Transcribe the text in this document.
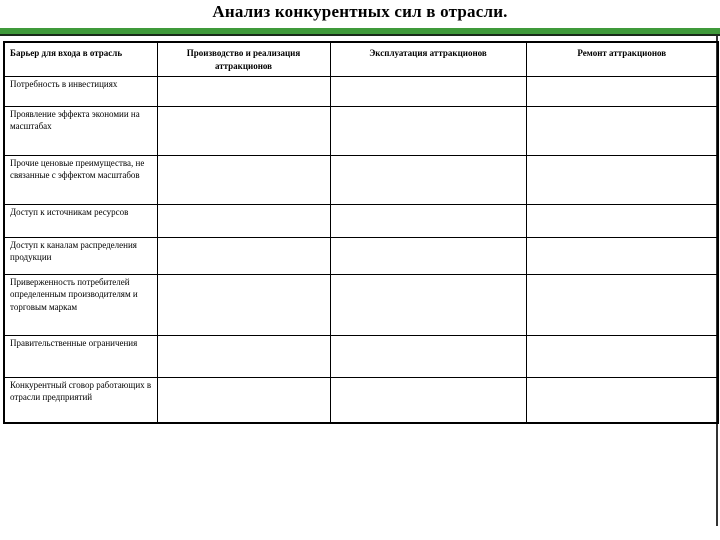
Анализ конкурентных сил в отрасли.
Барьер для входа в отрасль	Производство и реализация аттракционов	Эксплуатация аттракционов	Ремонт аттракционов
Потребность в инвестициях			
Проявление эффекта экономии на масштабах			
Прочие ценовые преимущества, не связанные с эффектом масштабов			
Доступ к источникам ресурсов			
Доступ к каналам распределения продукции			
Приверженность потребителей определенным производителям и торговым маркам			
Правительственные ограничения			
Конкурентный сговор работающих в отрасли предприятий			
